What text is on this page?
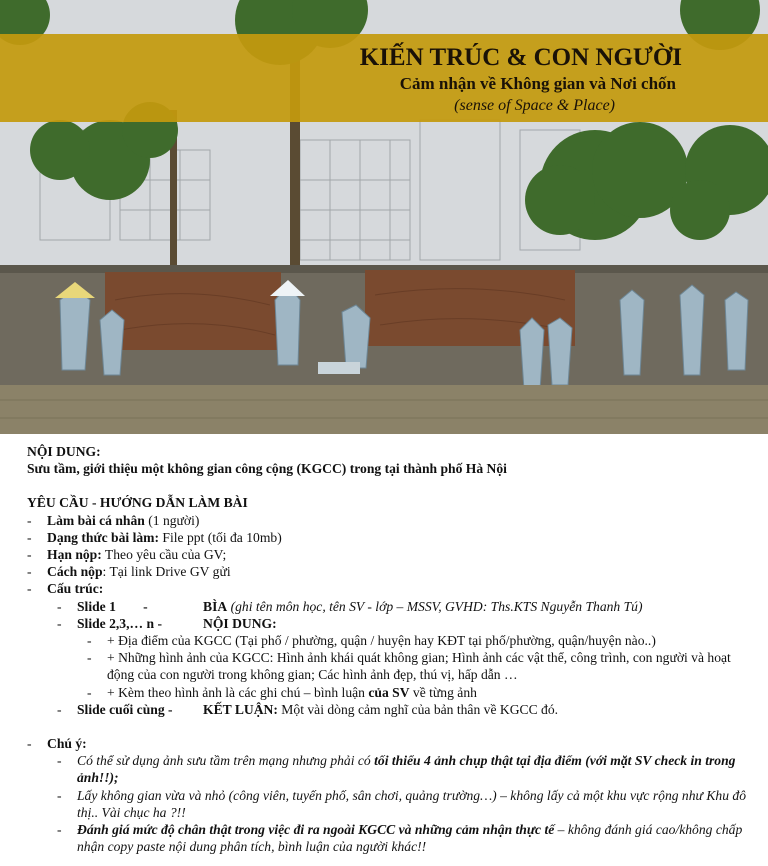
KIẾN TRÚC & CON NGƯỜI
Cảm nhận về Không gian và Nơi chốn
(sense of Space & Place)

NỘI DUNG:

Sưu tầm, giới thiệu một không gian công cộng (KGCC) trong tại thành phố Hà Nội

YÊU CẦU - HƯỚNG DẪN LÀM BÀI

- Làm bài cá nhân (1 người)

- Dạng thức bài làm: File ppt (tối đa 10mb)

- Hạn nộp: Theo yêu cầu của GV;

- Cách nộp: Tại link Drive GV gửi

- Cấu trúc:

- Slide 1        -	BÌA (ghi tên môn học, tên SV - lớp – MSSV, GVHD: Ths.KTS Nguyễn Thanh Tú)

- Slide 2,3,… n -	NỘI DUNG:

- + Địa điểm của KGCC (Tại phố / phường, quận / huyện hay KĐT tại phố/phường, quận/huyện nào..)

- + Những hình ảnh của KGCC: Hình ảnh khái quát không gian; Hình ảnh các vật thể, công trình, con người và hoạt động của con người trong không gian; Các hình ảnh đẹp, thú vị, hấp dẫn …

- + Kèm theo hình ảnh là các ghi chú – bình luận của SV về từng ảnh

- Slide cuối cùng - KẾT LUẬN: Một vài dòng cảm nghĩ của bản thân về KGCC đó.

- Chú ý:

- Có thể sử dụng ảnh sưu tầm trên mạng nhưng phải có tối thiểu 4 ảnh chụp thật tại địa điểm (với mặt SV check in trong ảnh!!);

- Lấy không gian vừa và nhỏ (công viên, tuyến phố, sân chơi, quảng trường…) – không lấy cả một khu vực rộng như Khu đô thị.. Vài chục ha ?!!

- Đánh giá mức độ chân thật trong việc đi ra ngoài KGCC và những cảm nhận thực tế – không đánh giá cao/không chấp nhận copy paste nội dung phân tích, bình luận của người khác!!
